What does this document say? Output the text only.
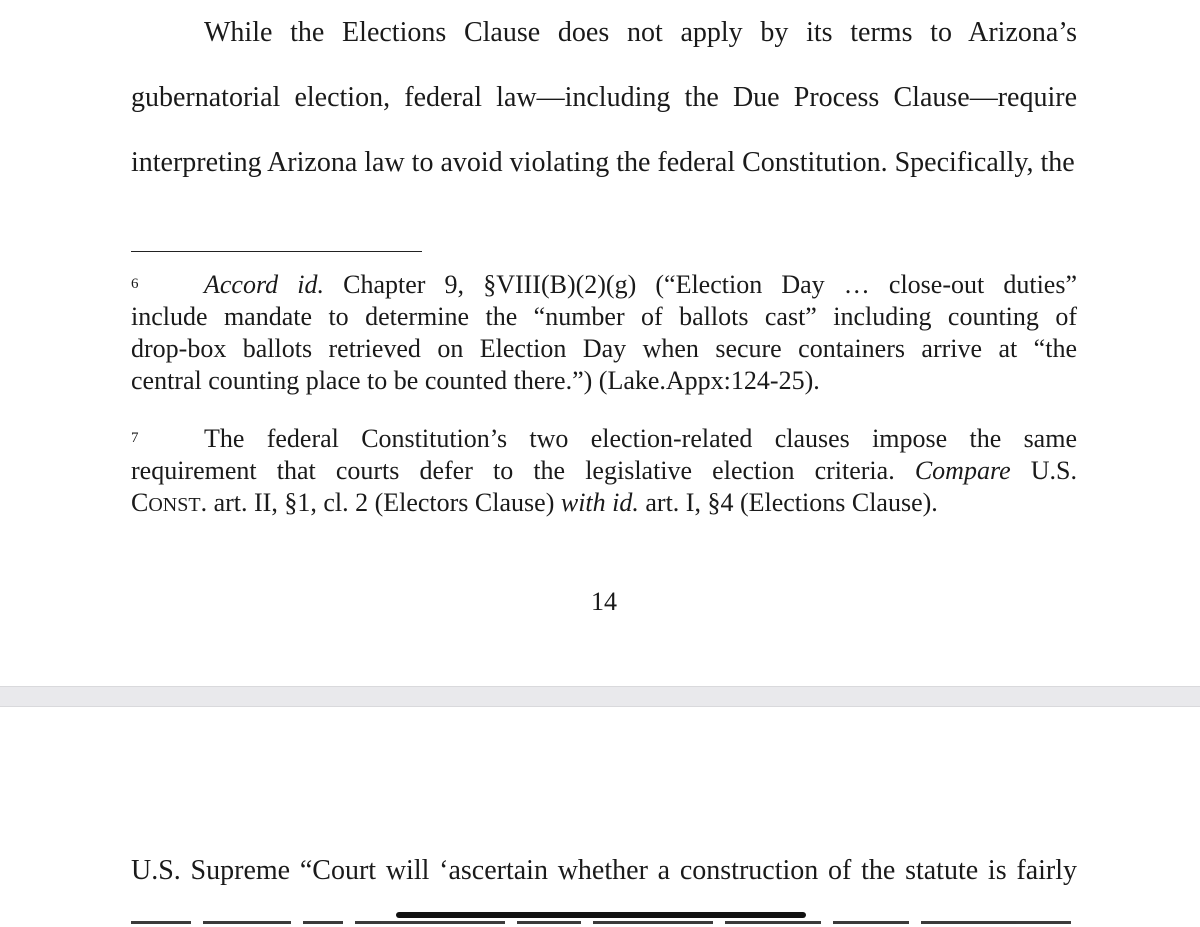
While the Elections Clause does not apply by its terms to Arizona’s
gubernatorial election, federal law—including the Due Process Clause—require
interpreting Arizona law to avoid violating the federal Constitution. Specifically, the
6	Accord id. Chapter 9, §VIII(B)(2)(g) (“Election Day … close-out duties”
include mandate to determine the “number of ballots cast” including counting of
drop-box ballots retrieved on Election Day when secure containers arrive at “the
central counting place to be counted there.”) (Lake.Appx:124-25).
7	The federal Constitution’s two election-related clauses impose the same
requirement that courts defer to the legislative election criteria. Compare U.S.
CONST. art. II, §1, cl. 2 (Electors Clause) with id. art. I, §4 (Elections Clause).
14
U.S. Supreme “Court will ‘ascertain whether a construction of the statute is fairly
